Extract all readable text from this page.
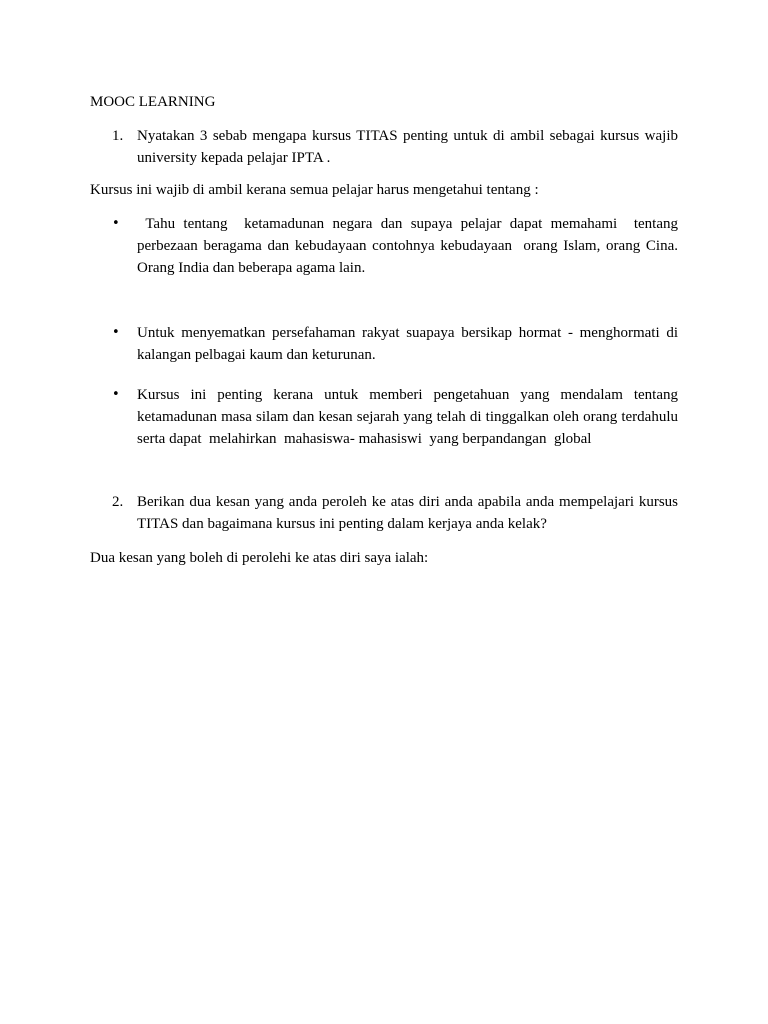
MOOC LEARNING
1. Nyatakan 3 sebab mengapa kursus TITAS penting untuk di ambil sebagai kursus wajib university kepada pelajar IPTA .
Kursus ini wajib di ambil kerana semua pelajar harus mengetahui tentang :
•	Tahu tentang  ketamadunan negara dan supaya pelajar dapat memahami  tentang perbezaan beragama dan kebudayaan contohnya kebudayaan  orang Islam, orang Cina. Orang India dan beberapa agama lain.
•	Untuk menyematkan persefahaman rakyat suapaya bersikap hormat - menghormati di kalangan pelbagai kaum dan keturunan.
•	Kursus ini penting kerana untuk memberi pengetahuan yang mendalam tentang ketamadunan masa silam dan kesan sejarah yang telah di tinggalkan oleh orang terdahulu serta dapat  melahirkan  mahasiswa- mahasiswi  yang berpandangan  global
2. Berikan dua kesan yang anda peroleh ke atas diri anda apabila anda mempelajari kursus TITAS dan bagaimana kursus ini penting dalam kerjaya anda kelak?
Dua kesan yang boleh di perolehi ke atas diri saya ialah:
